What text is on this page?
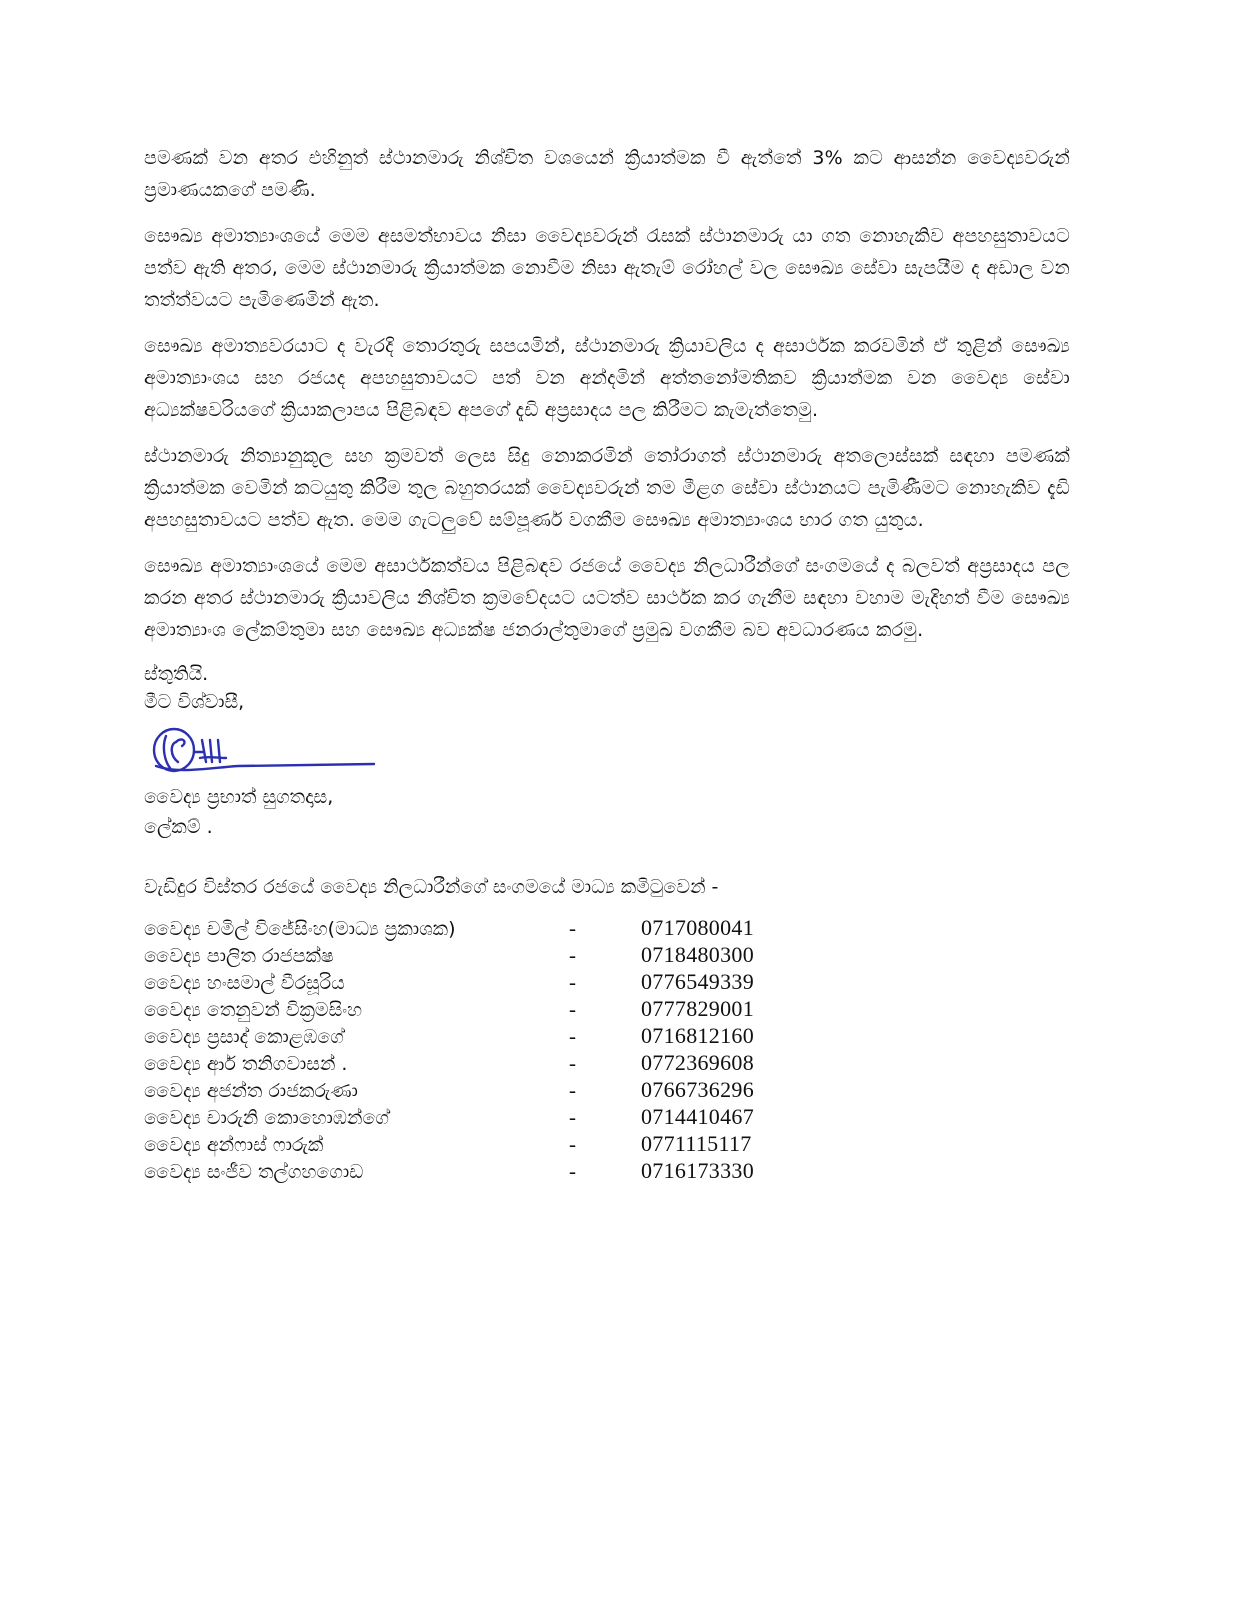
පමණක් වන අතර එහිනුත් ස්ථානමාරු නිශ්චිත වශයෙන් ක්‍රියාත්මක වී ඇත්තේ 3% කට ආසන්න වෛද්‍යවරුන් ප්‍රමාණයකගේ පමණි.

සෞඛ්‍ය අමාත්‍යාංශයේ මෙම අසමත්භාවය නිසා වෛද්‍යවරුන් රැසක් ස්ථානමාරු යා ගත නොහැකිව අපහසුතාවයට පත්ව ඇති අතර, මෙම ස්ථානමාරු ක්‍රියාත්මක නොවීම නිසා ඇතැම් රෝහල් වල සෞඛ්‍ය සේවා සැපයීම ද අඩාල වන තත්ත්වයට පැමිණෙමින් ඇත.

සෞඛ්‍ය අමාත්‍යවරයාට ද වැරදි තොරතුරු සපයමින්, ස්ථානමාරු ක්‍රියාවලිය ද අසාර්ථක කරවමින් ඒ තුළින් සෞඛ්‍ය අමාත්‍යාංශය සහ රජයද අපහසුතාවයට පත් වන අන්දමින් අත්තනෝමතිකව ක්‍රියාත්මක වන වෛද්‍ය සේවා අධ්‍යක්ෂවරියගේ ක්‍රියාකලාපය පිළිබඳව අපගේ දැඩි අප්‍රසාදය පල කිරීමට කැමැත්තෙමු.

ස්ථානමාරු නිත්‍යානුකූල සහ ක්‍රමවත් ලෙස සිදු නොකරමින් තෝරාගත් ස්ථානමාරු අතලොස්සක් සඳහා පමණක් ක්‍රියාත්මක වෙමින් කටයුතු කිරීම තුල බහුතරයක් වෛද්‍යවරුන් තම මීළග සේවා ස්ථානයට පැමිණීමට නොහැකිව දැඩි අපහසුතාවයට පත්ව ඇත. මෙම ගැටලුවේ සම්පූර්ණ වගකීම සෞඛ්‍ය අමාත්‍යාංශය භාර ගත යුතුය.

සෞඛ්‍ය අමාත්‍යාංශයේ මෙම අසාර්ථකත්වය පිළිබඳව රජයේ වෛද්‍ය නිලධාරීන්ගේ සංගමයේ ද බලවත් අප්‍රසාදය පල කරන අතර ස්ථානමාරු ක්‍රියාවලිය නිශ්චිත ක්‍රමවේදයට යටත්ව සාර්ථක කර ගැනීම සඳහා වහාම මැදිහත් වීම සෞඛ්‍ය අමාත්‍යාංශ ලේකම්තුමා සහ සෞඛ්‍ය අධ්‍යක්ෂ ජනරාල්තුමාගේ ප්‍රමුඛ වගකීම බව අවධාරණය කරමු.

ස්තුතියි.
මීට විශ්වාසී,
වෛද්‍ය ප්‍රභාත් සුගතදාස,
ලේකම් .
වැඩිදුර විස්තර රජයේ වෛද්‍ය නිලධාරීන්ගේ සංගමයේ මාධ්‍ය කමිටුවෙන් -
වෛද්‍ය චමිල් විජේසිංහ(මාධ්‍ය ප්‍රකාශක)	-	0717080041
වෛද්‍ය පාලිත රාජපක්ෂ	-	0718480300
වෛද්‍ය හංසමාල් වීරසූරිය	-	0776549339
වෛද්‍ය තෙනුවන් වික්‍රමසිංහ	-	0777829001
වෛද්‍ය ප්‍රසාද් කොළඹගේ	-	0716812160
වෛද්‍ය ආර් තනිගවාසන් .	-	0772369608
වෛද්‍ය අජන්ත රාජකරුණා	-	0766736296
වෛද්‍ය චාරුනි කොහොඹන්ගේ	-	0714410467
වෛද්‍ය අන්ෆාස් ෆාරුක්	-	0771115117
වෛද්‍ය සංජීව තල්ගහගොඩ	-	0716173330
